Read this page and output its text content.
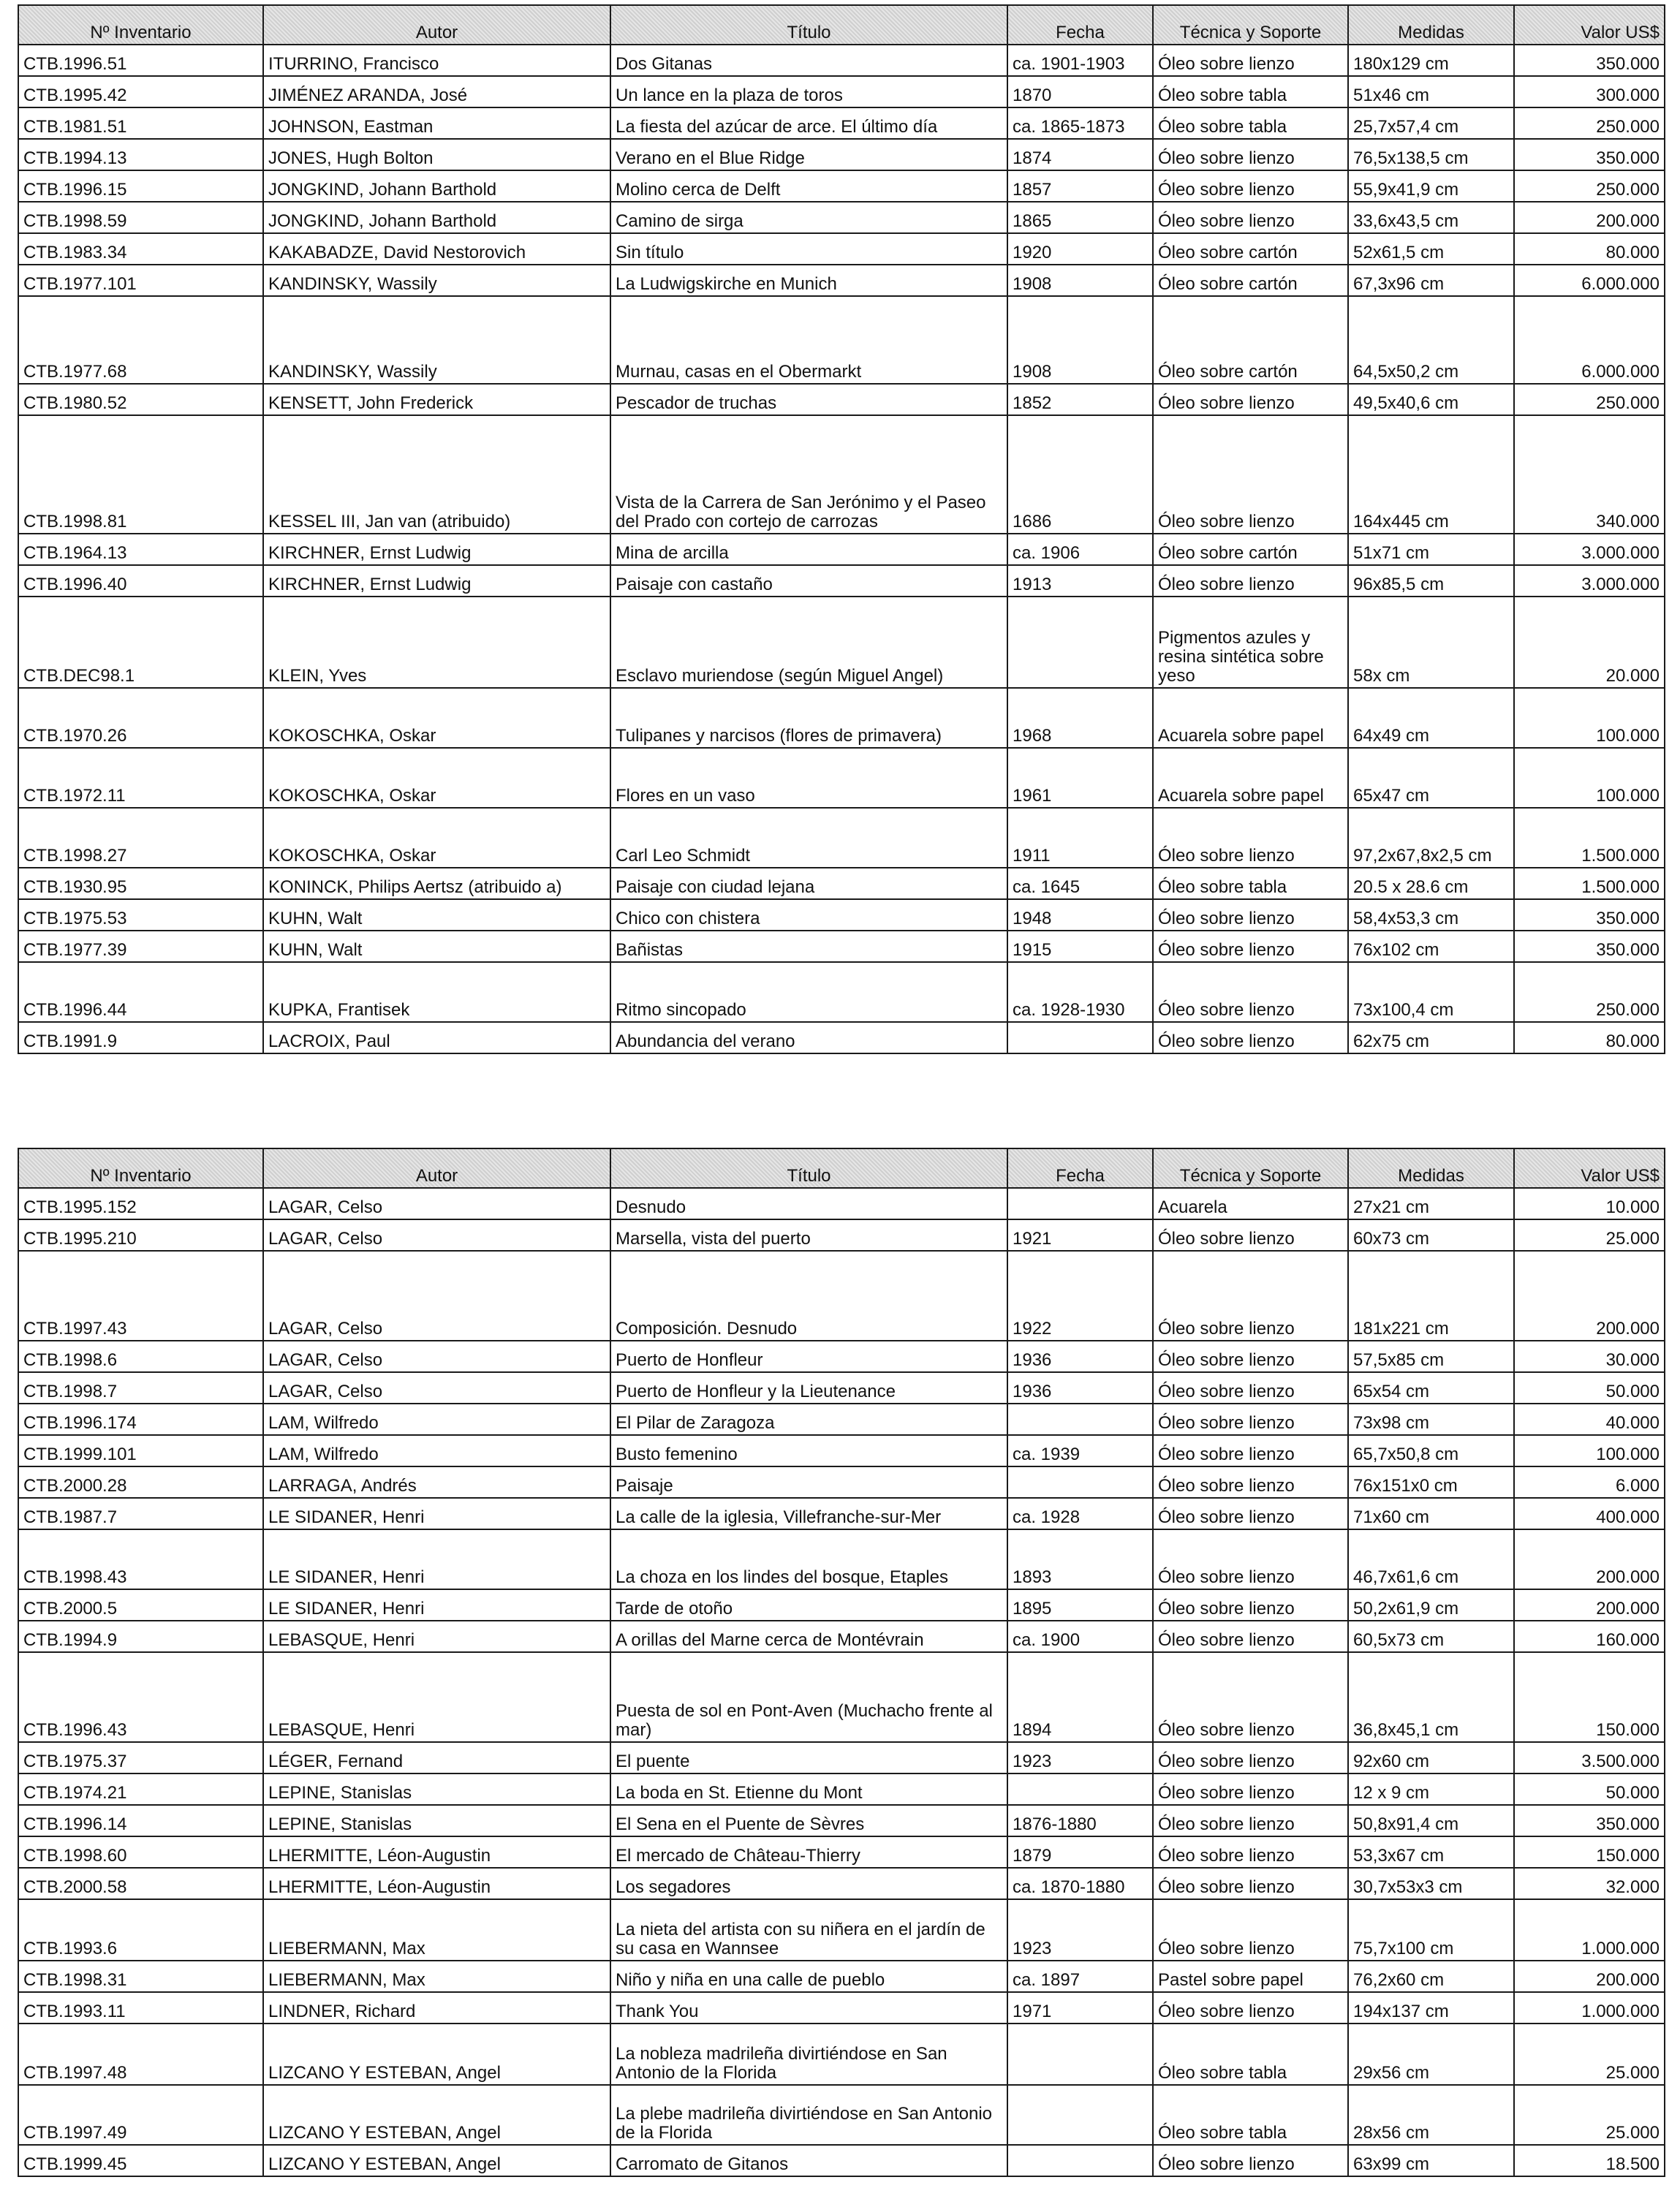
Nº Inventario	Autor	Título	Fecha	Técnica y Soporte	Medidas	Valor US$
CTB.1996.51	ITURRINO, Francisco	Dos Gitanas	ca. 1901-1903	Óleo sobre lienzo	180x129 cm	350.000
CTB.1995.42	JIMÉNEZ ARANDA, José	Un lance en la plaza de toros	1870	Óleo sobre tabla	51x46 cm	300.000
CTB.1981.51	JOHNSON, Eastman	La fiesta del azúcar de arce. El último día	ca. 1865-1873	Óleo sobre tabla	25,7x57,4 cm	250.000
CTB.1994.13	JONES, Hugh Bolton	Verano en el Blue Ridge	1874	Óleo sobre lienzo	76,5x138,5 cm	350.000
CTB.1996.15	JONGKIND, Johann Barthold	Molino cerca de Delft	1857	Óleo sobre lienzo	55,9x41,9 cm	250.000
CTB.1998.59	JONGKIND, Johann Barthold	Camino de sirga	1865	Óleo sobre lienzo	33,6x43,5 cm	200.000
CTB.1983.34	KAKABADZE, David Nestorovich	Sin título	1920	Óleo sobre cartón	52x61,5 cm	80.000
CTB.1977.101	KANDINSKY, Wassily	La Ludwigskirche en Munich	1908	Óleo sobre cartón	67,3x96 cm	6.000.000
CTB.1977.68	KANDINSKY, Wassily	Murnau, casas en el Obermarkt	1908	Óleo sobre cartón	64,5x50,2 cm	6.000.000
CTB.1980.52	KENSETT, John Frederick	Pescador de truchas	1852	Óleo sobre lienzo	49,5x40,6 cm	250.000
CTB.1998.81	KESSEL III, Jan van (atribuido)	Vista de la Carrera de San Jerónimo y el Paseo del Prado con cortejo de carrozas	1686	Óleo sobre lienzo	164x445 cm	340.000
CTB.1964.13	KIRCHNER, Ernst Ludwig	Mina de arcilla	ca. 1906	Óleo sobre cartón	51x71 cm	3.000.000
CTB.1996.40	KIRCHNER, Ernst Ludwig	Paisaje con castaño	1913	Óleo sobre lienzo	96x85,5 cm	3.000.000
CTB.DEC98.1	KLEIN, Yves	Esclavo muriendose (según Miguel Angel)		Pigmentos azules y resina sintética sobre yeso	58x cm	20.000
CTB.1970.26	KOKOSCHKA, Oskar	Tulipanes y narcisos (flores de primavera)	1968	Acuarela sobre papel	64x49 cm	100.000
CTB.1972.11	KOKOSCHKA, Oskar	Flores en un vaso	1961	Acuarela sobre papel	65x47 cm	100.000
CTB.1998.27	KOKOSCHKA, Oskar	Carl Leo Schmidt	1911	Óleo sobre lienzo	97,2x67,8x2,5 cm	1.500.000
CTB.1930.95	KONINCK, Philips Aertsz (atribuido a)	Paisaje con ciudad lejana	ca. 1645	Óleo sobre tabla	20.5 x 28.6 cm	1.500.000
CTB.1975.53	KUHN, Walt	Chico con chistera	1948	Óleo sobre lienzo	58,4x53,3 cm	350.000
CTB.1977.39	KUHN, Walt	Bañistas	1915	Óleo sobre lienzo	76x102 cm	350.000
CTB.1996.44	KUPKA, Frantisek	Ritmo sincopado	ca. 1928-1930	Óleo sobre lienzo	73x100,4 cm	250.000
CTB.1991.9	LACROIX, Paul	Abundancia del verano		Óleo sobre lienzo	62x75 cm	80.000
Nº Inventario	Autor	Título	Fecha	Técnica y Soporte	Medidas	Valor US$
CTB.1995.152	LAGAR, Celso	Desnudo		Acuarela	27x21 cm	10.000
CTB.1995.210	LAGAR, Celso	Marsella, vista del puerto	1921	Óleo sobre lienzo	60x73 cm	25.000
CTB.1997.43	LAGAR, Celso	Composición. Desnudo	1922	Óleo sobre lienzo	181x221 cm	200.000
CTB.1998.6	LAGAR, Celso	Puerto de Honfleur	1936	Óleo sobre lienzo	57,5x85 cm	30.000
CTB.1998.7	LAGAR, Celso	Puerto de Honfleur y la Lieutenance	1936	Óleo sobre lienzo	65x54 cm	50.000
CTB.1996.174	LAM, Wilfredo	El Pilar de Zaragoza		Óleo sobre lienzo	73x98 cm	40.000
CTB.1999.101	LAM, Wilfredo	Busto femenino	ca. 1939	Óleo sobre lienzo	65,7x50,8 cm	100.000
CTB.2000.28	LARRAGA, Andrés	Paisaje		Óleo sobre lienzo	76x151x0 cm	6.000
CTB.1987.7	LE SIDANER, Henri	La calle de la iglesia, Villefranche-sur-Mer	ca. 1928	Óleo sobre lienzo	71x60 cm	400.000
CTB.1998.43	LE SIDANER, Henri	La choza en los lindes del bosque, Etaples	1893	Óleo sobre lienzo	46,7x61,6 cm	200.000
CTB.2000.5	LE SIDANER, Henri	Tarde de otoño	1895	Óleo sobre lienzo	50,2x61,9 cm	200.000
CTB.1994.9	LEBASQUE, Henri	A orillas del Marne cerca de Montévrain	ca. 1900	Óleo sobre lienzo	60,5x73 cm	160.000
CTB.1996.43	LEBASQUE, Henri	Puesta de sol en Pont-Aven (Muchacho frente al mar)	1894	Óleo sobre lienzo	36,8x45,1 cm	150.000
CTB.1975.37	LÉGER, Fernand	El puente	1923	Óleo sobre lienzo	92x60 cm	3.500.000
CTB.1974.21	LEPINE, Stanislas	La boda en St. Etienne du Mont		Óleo sobre lienzo	12 x 9 cm	50.000
CTB.1996.14	LEPINE, Stanislas	El Sena en el Puente de Sèvres	1876-1880	Óleo sobre lienzo	50,8x91,4 cm	350.000
CTB.1998.60	LHERMITTE, Léon-Augustin	El mercado de Château-Thierry	1879	Óleo sobre lienzo	53,3x67 cm	150.000
CTB.2000.58	LHERMITTE, Léon-Augustin	Los segadores	ca. 1870-1880	Óleo sobre lienzo	30,7x53x3 cm	32.000
CTB.1993.6	LIEBERMANN, Max	La nieta del artista con su niñera en el jardín de su casa en Wannsee	1923	Óleo sobre lienzo	75,7x100 cm	1.000.000
CTB.1998.31	LIEBERMANN, Max	Niño y niña en una calle de pueblo	ca. 1897	Pastel sobre papel	76,2x60 cm	200.000
CTB.1993.11	LINDNER, Richard	Thank You	1971	Óleo sobre lienzo	194x137 cm	1.000.000
CTB.1997.48	LIZCANO Y ESTEBAN, Angel	La nobleza madrileña divirtiéndose en San Antonio de la Florida		Óleo sobre tabla	29x56 cm	25.000
CTB.1997.49	LIZCANO Y ESTEBAN, Angel	La plebe madrileña divirtiéndose en San Antonio de la Florida		Óleo sobre tabla	28x56 cm	25.000
CTB.1999.45	LIZCANO Y ESTEBAN, Angel	Carromato de Gitanos		Óleo sobre lienzo	63x99 cm	18.500
